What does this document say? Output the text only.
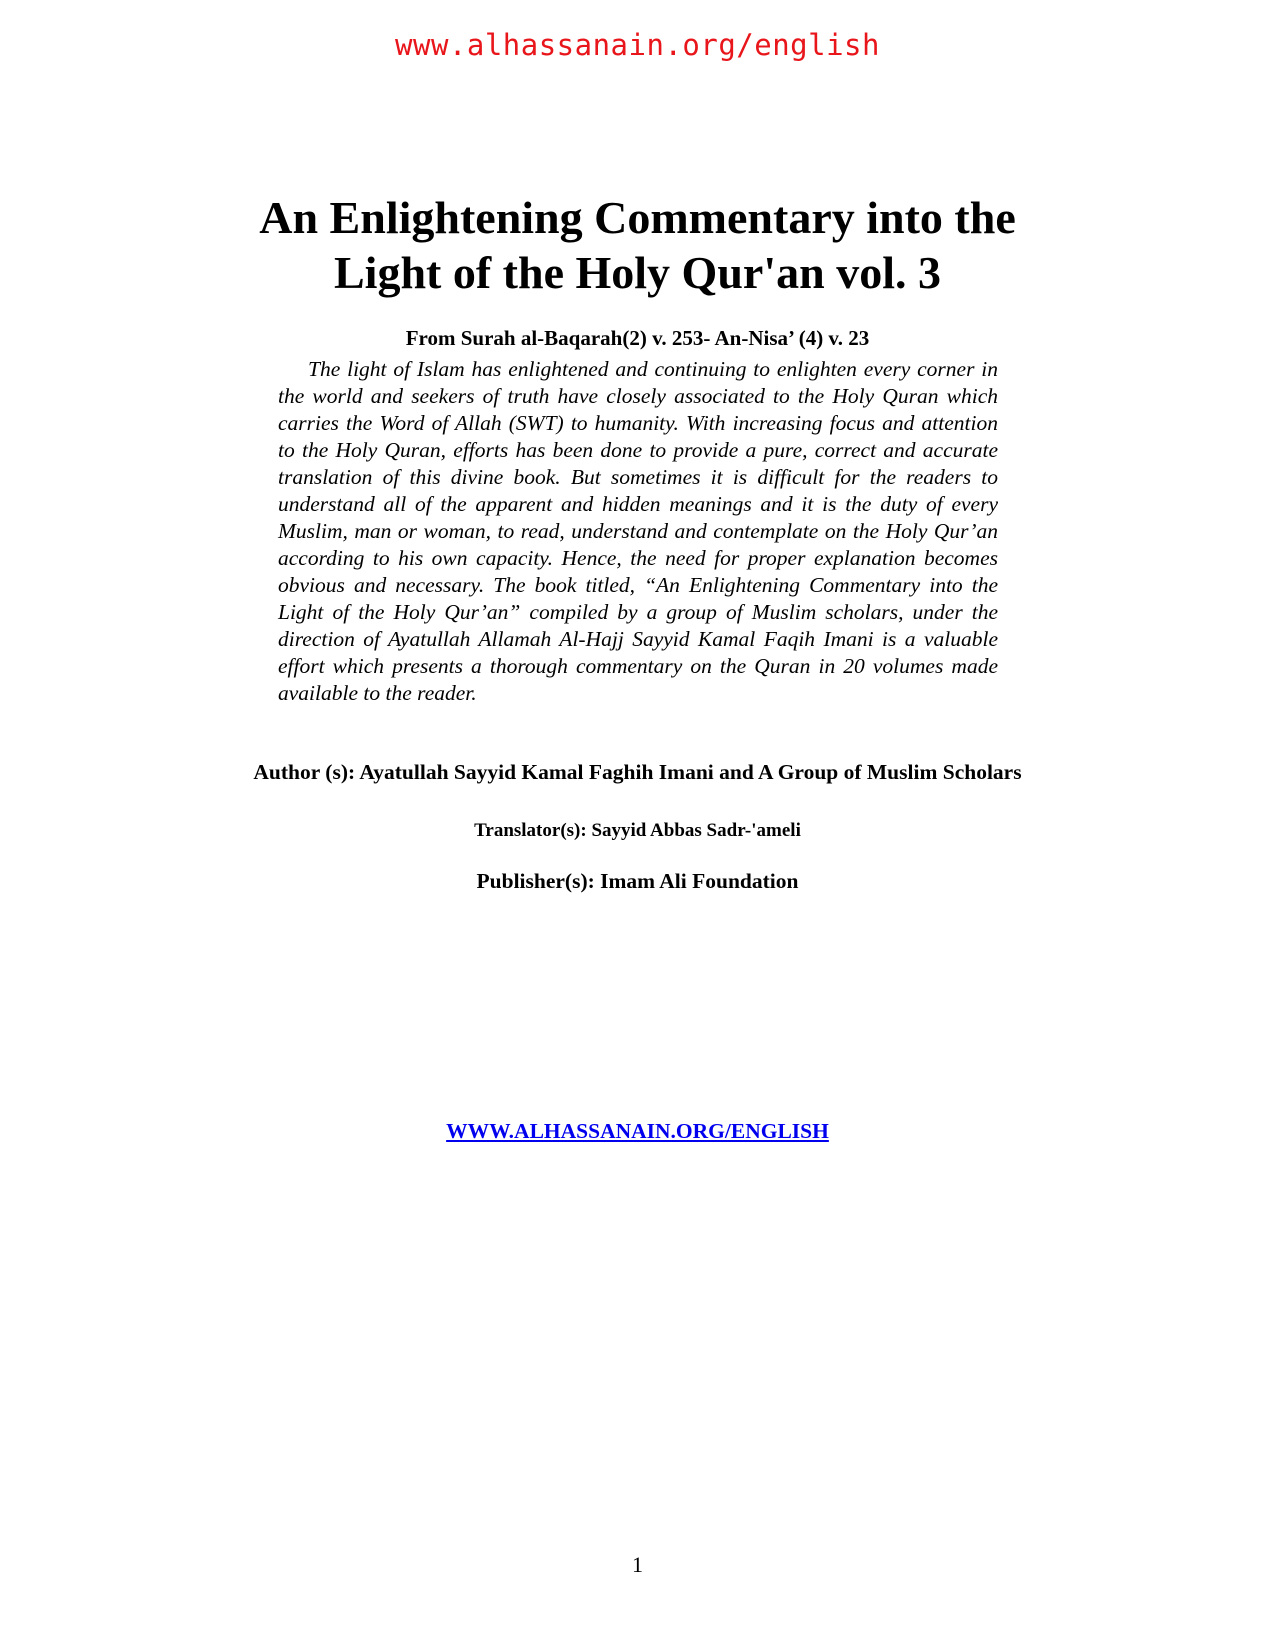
www.alhassanain.org/english
An Enlightening Commentary into the Light of the Holy Qur'an vol. 3
From Surah al-Baqarah(2) v. 253- An-Nisa’ (4) v. 23

The light of Islam has enlightened and continuing to enlighten every corner in the world and seekers of truth have closely associated to the Holy Quran which carries the Word of Allah (SWT) to humanity. With increasing focus and attention to the Holy Quran, efforts has been done to provide a pure, correct and accurate translation of this divine book. But sometimes it is difficult for the readers to understand all of the apparent and hidden meanings and it is the duty of every Muslim, man or woman, to read, understand and contemplate on the Holy Qur’an according to his own capacity. Hence, the need for proper explanation becomes obvious and necessary. The book titled, “An Enlightening Commentary into the Light of the Holy Qur’an” compiled by a group of Muslim scholars, under the direction of Ayatullah Allamah Al-Hajj Sayyid Kamal Faqih Imani is a valuable effort which presents a thorough commentary on the Quran in 20 volumes made available to the reader.

Author (s): Ayatullah Sayyid Kamal Faghih Imani and A Group of Muslim Scholars
Translator(s): Sayyid Abbas Sadr-'ameli
Publisher(s): Imam Ali Foundation
WWW.ALHASSANAIN.ORG/ENGLISH
1
